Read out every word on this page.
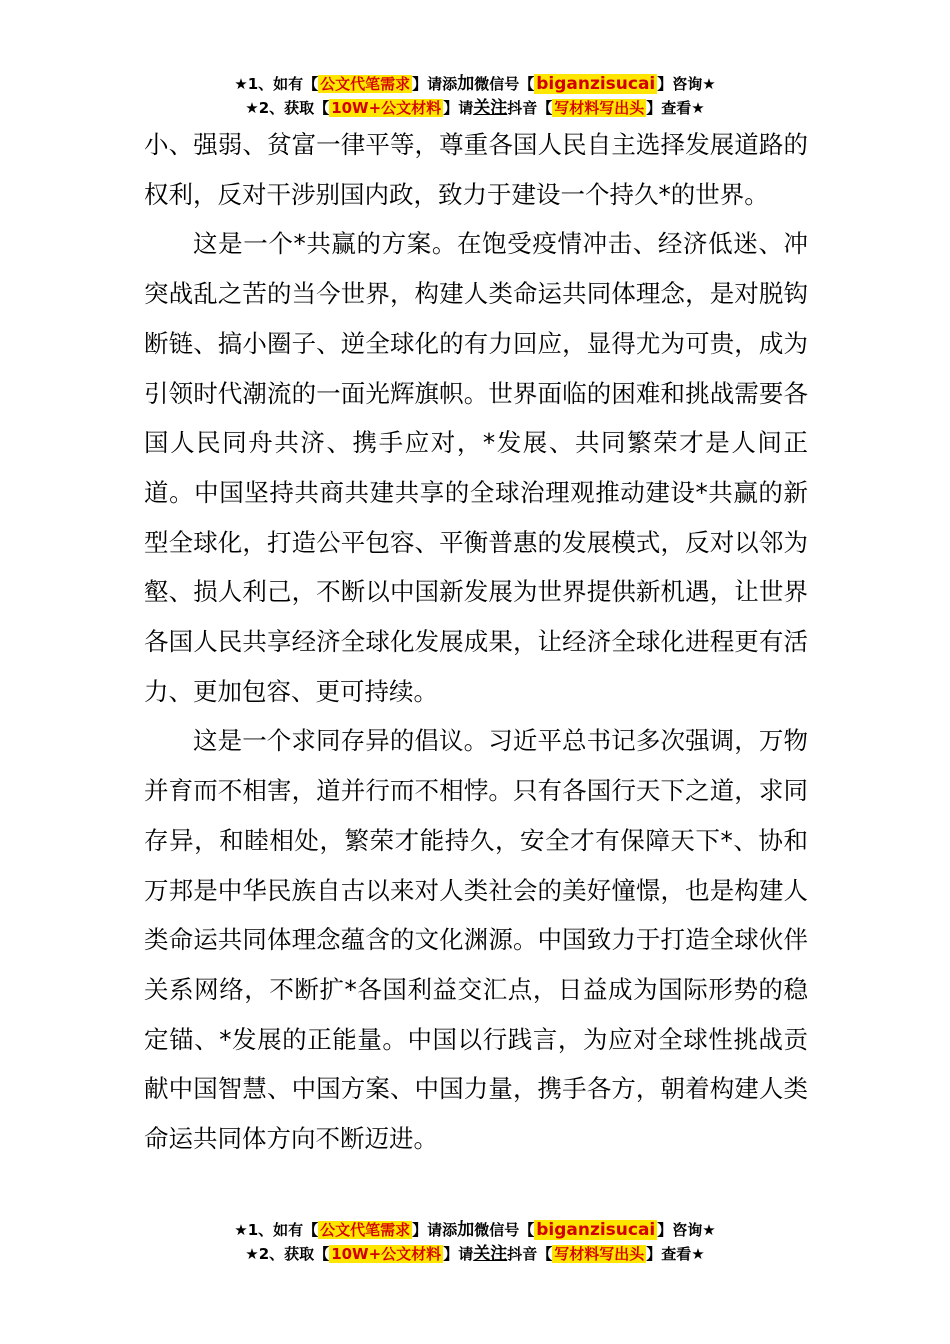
★1、如有【 公文代笔需求 】请添加微信号【 biganzisucai 】咨询★
★2、获取【 10W+公文材料 】请关注抖音【 写材料写出头 】查看★

小、强弱、贫富一律平等，尊重各国人民自主选择发展道路的权利，反对干涉别国内政，致力于建设一个持久*的世界。

这是一个*共赢的方案。在饱受疫情冲击、经济低迷、冲突战乱之苦的当今世界，构建人类命运共同体理念，是对脱钩断链、搞小圈子、逆全球化的有力回应，显得尤为可贵，成为引领时代潮流的一面光辉旗帜。世界面临的困难和挑战需要各国人民同舟共济、携手应对，*发展、共同繁荣才是人间正道。中国坚持共商共建共享的全球治理观推动建设*共赢的新型全球化，打造公平包容、平衡普惠的发展模式，反对以邻为壑、损人利己，不断以中国新发展为世界提供新机遇，让世界各国人民共享经济全球化发展成果，让经济全球化进程更有活力、更加包容、更可持续。

这是一个求同存异的倡议。习近平总书记多次强调，万物并育而不相害，道并行而不相悖。只有各国行天下之道，求同存异，和睦相处，繁荣才能持久，安全才有保障天下*、协和万邦是中华民族自古以来对人类社会的美好憧憬，也是构建人类命运共同体理念蕴含的文化渊源。中国致力于打造全球伙伴关系网络，不断扩*各国利益交汇点，日益成为国际形势的稳定锚、*发展的正能量。中国以行践言，为应对全球性挑战贡献中国智慧、中国方案、中国力量，携手各方，朝着构建人类命运共同体方向不断迈进。

★1、如有【 公文代笔需求 】请添加微信号【 biganzisucai 】咨询★
★2、获取【 10W+公文材料 】请关注抖音【 写材料写出头 】查看★
